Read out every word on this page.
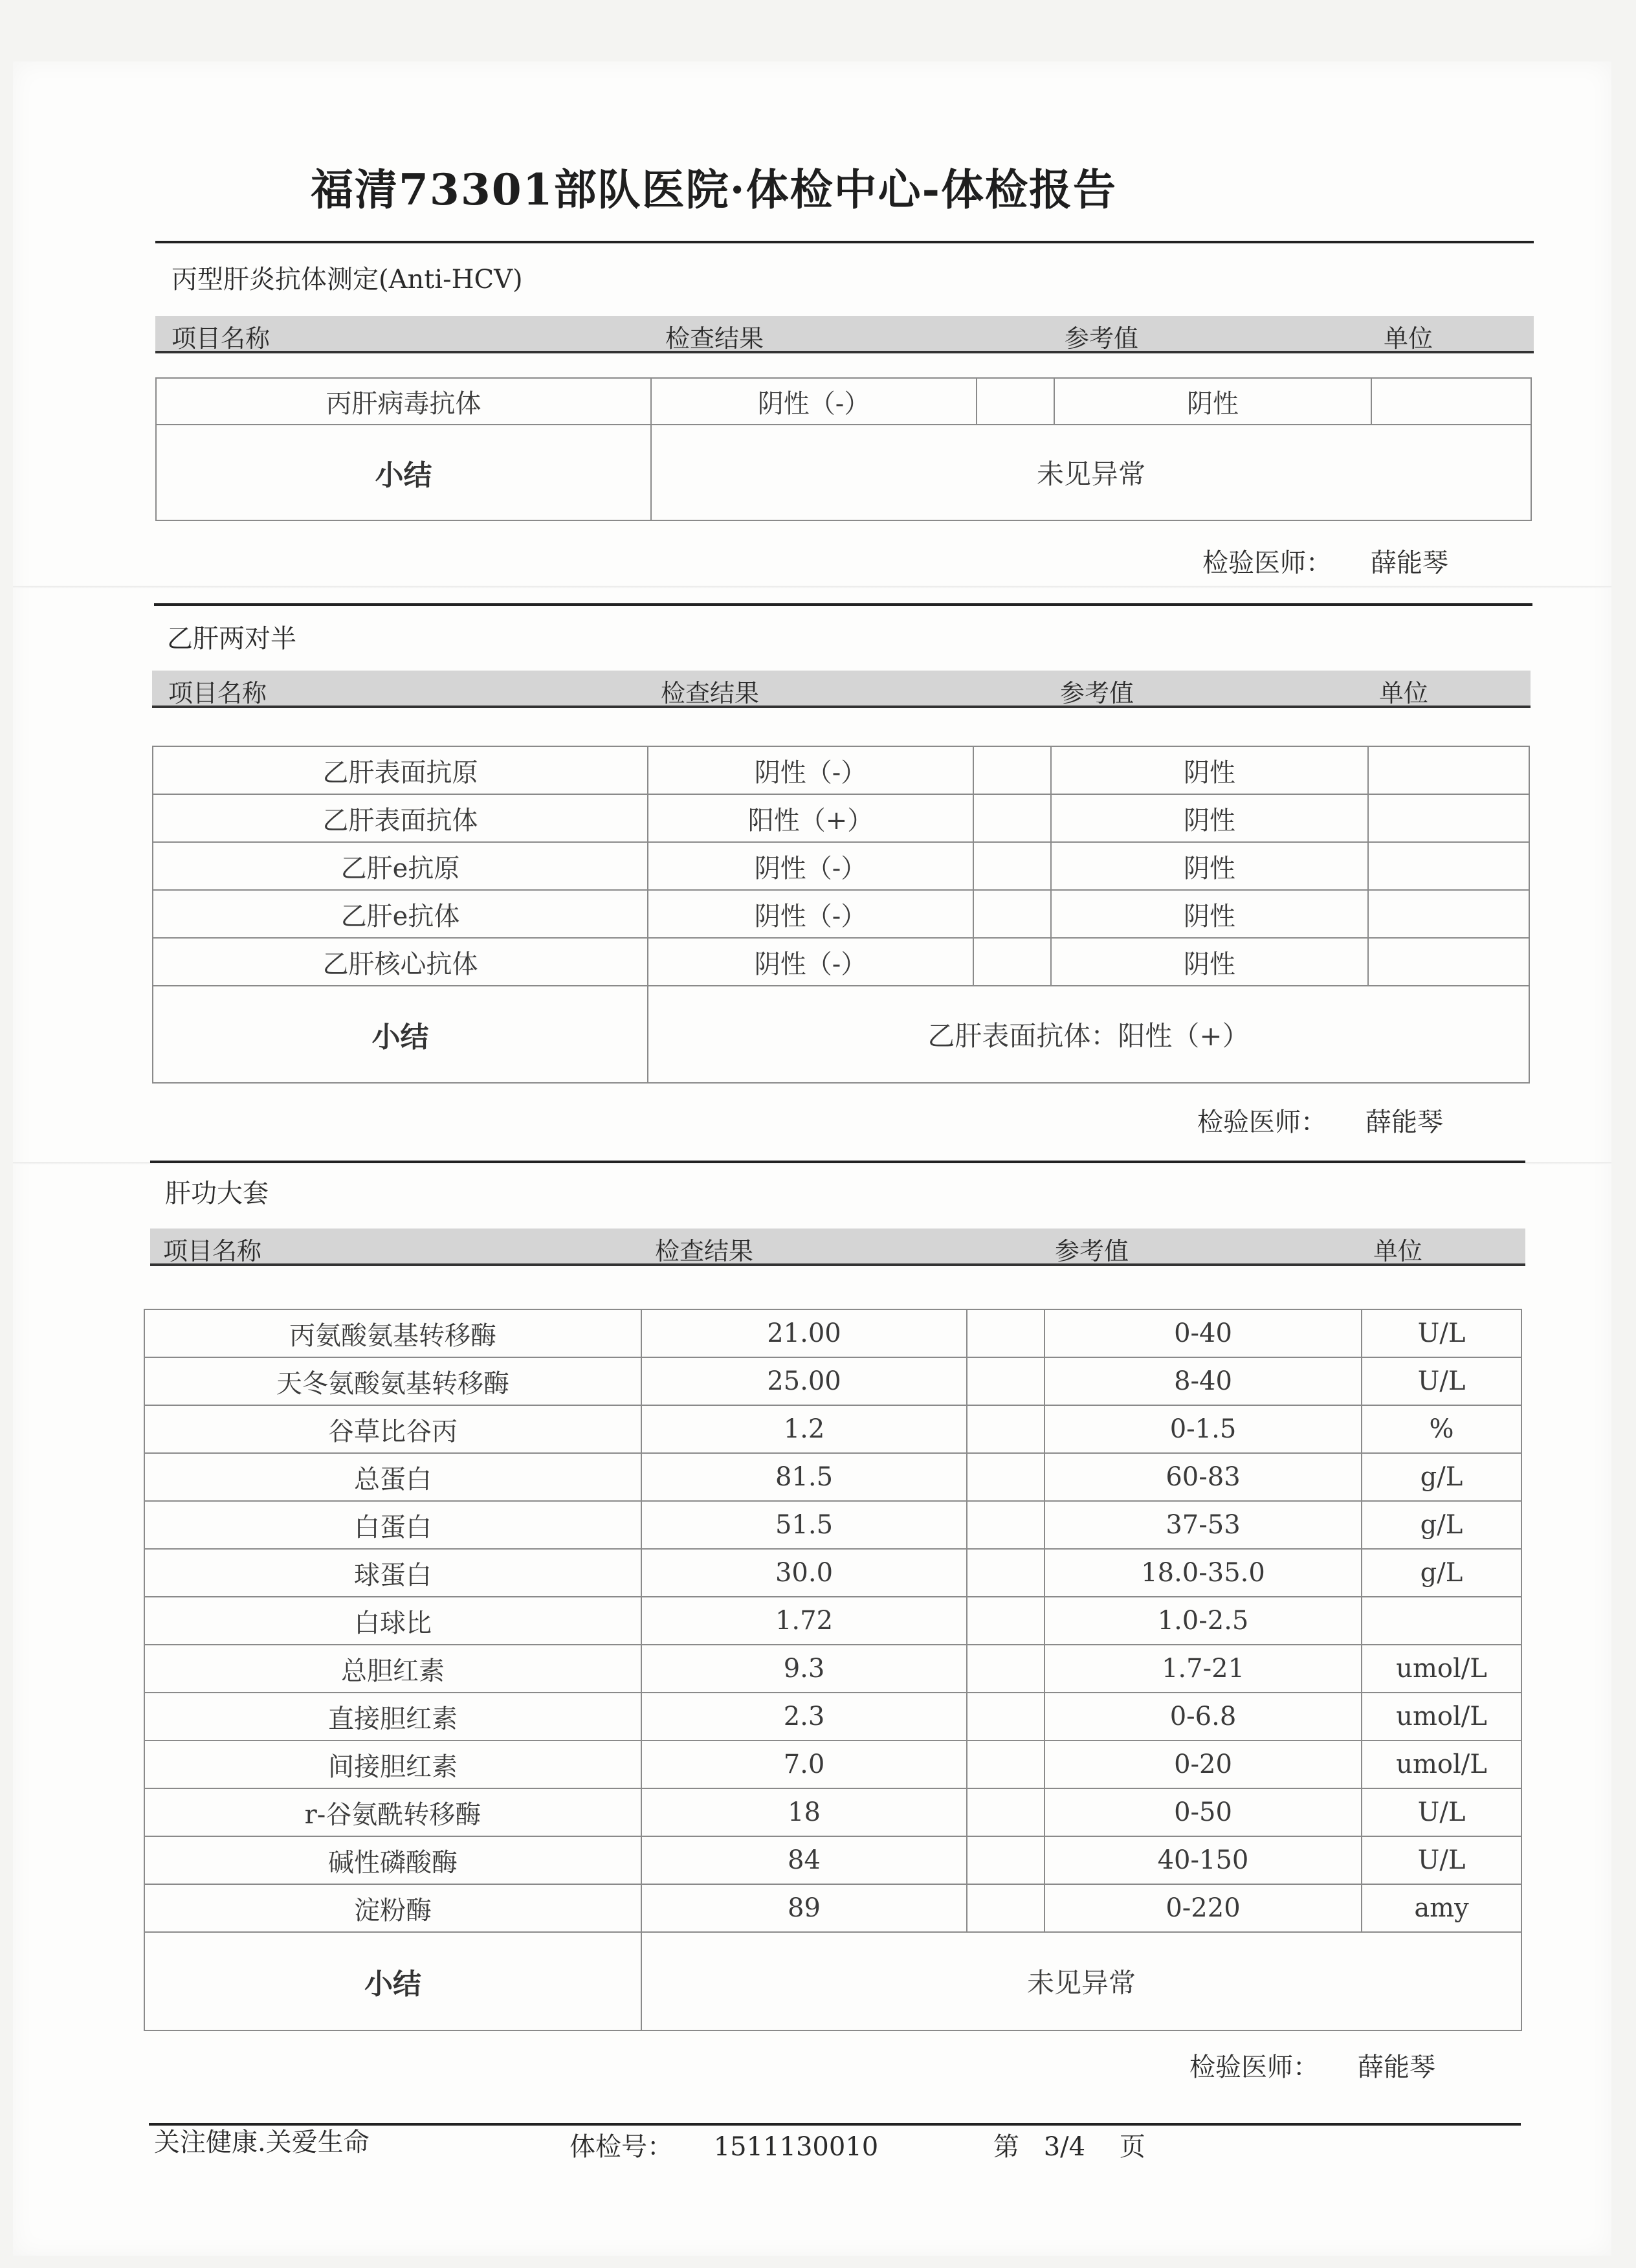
福清73301部队医院·体检中心-体检报告
丙型肝炎抗体测定(Anti-HCV)
项目名称	检查结果	参考值	单位
丙肝病毒抗体	阴性（-）		阴性	
小结	未见异常			
检验医师： 薛能琴
乙肝两对半
项目名称	检查结果	参考值	单位
乙肝表面抗原	阴性（-）		阴性	
乙肝表面抗体	阳性（+）		阴性	
乙肝e抗原	阴性（-）		阴性	
乙肝e抗体	阴性（-）		阴性	
乙肝核心抗体	阴性（-）		阴性	
小结	乙肝表面抗体：阳性（+）			
检验医师： 薛能琴
肝功大套
项目名称	检查结果	参考值	单位
丙氨酸氨基转移酶	21.00		0-40	U/L
天冬氨酸氨基转移酶	25.00		8-40	U/L
谷草比谷丙	1.2		0-1.5	%
总蛋白	81.5		60-83	g/L
白蛋白	51.5		37-53	g/L
球蛋白	30.0		18.0-35.0	g/L
白球比	1.72		1.0-2.5	
总胆红素	9.3		1.7-21	umol/L
直接胆红素	2.3		0-6.8	umol/L
间接胆红素	7.0		0-20	umol/L
r-谷氨酰转移酶	18		0-50	U/L
碱性磷酸酶	84		40-150	U/L
淀粉酶	89		0-220	amy
小结	未见异常			
检验医师： 薛能琴
关注健康.关爱生命	体检号： 1511130010	第 3/4 页
